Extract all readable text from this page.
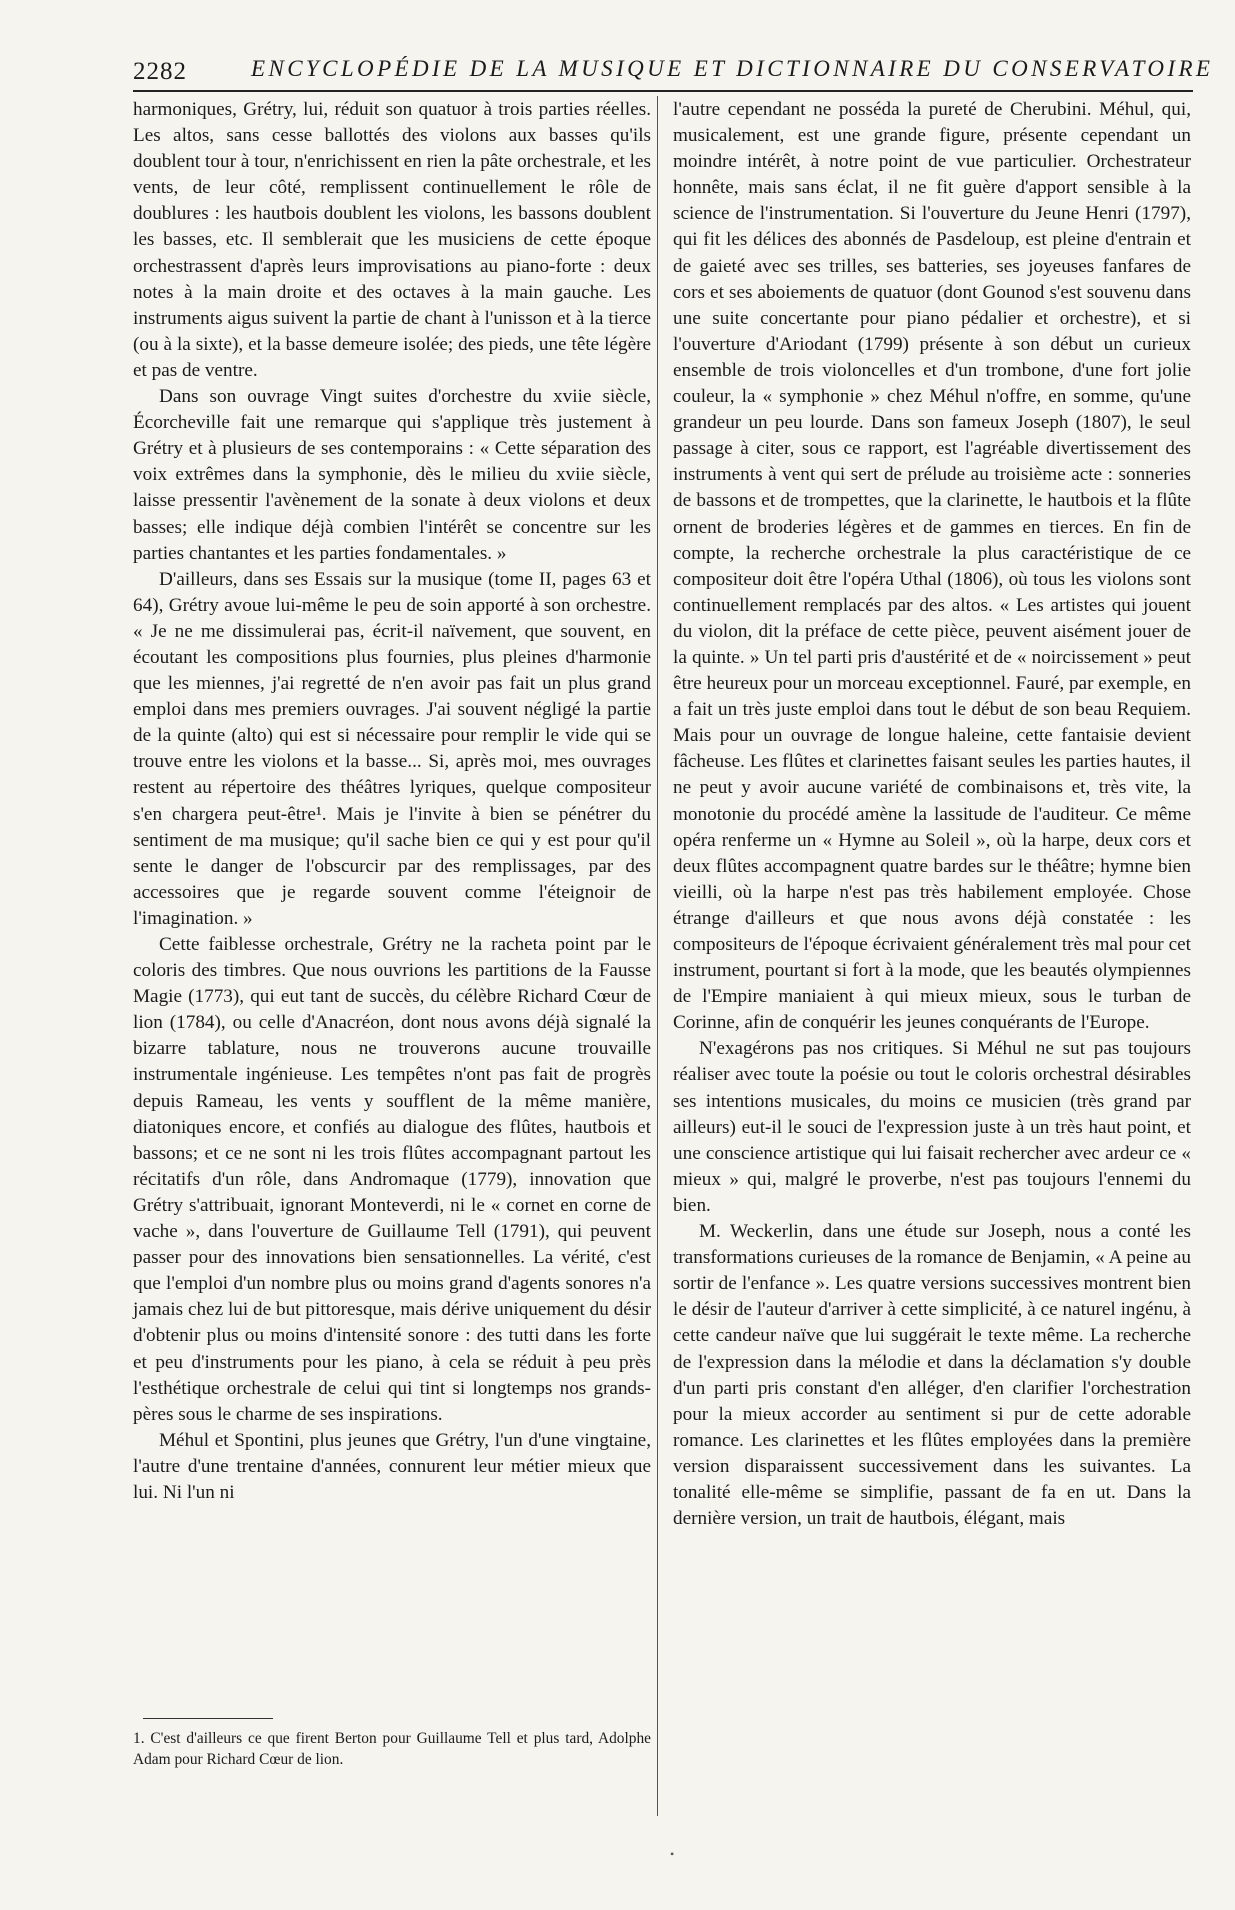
2282	ENCYCLOPÉDIE DE LA MUSIQUE ET DICTIONNAIRE DU CONSERVATOIRE

harmoniques, Grétry, lui, réduit son quatuor à trois parties réelles. Les altos, sans cesse ballottés des violons aux basses qu'ils doublent tour à tour, n'enrichissent en rien la pâte orchestrale, et les vents, de leur côté, remplissent continuellement le rôle de doublures : les hautbois doublent les violons, les bassons doublent les basses, etc. Il semblerait que les musiciens de cette époque orchestrassent d'après leurs improvisations au piano-forte : deux notes à la main droite et des octaves à la main gauche. Les instruments aigus suivent la partie de chant à l'unisson et à la tierce (ou à la sixte), et la basse demeure isolée; des pieds, une tête légère et pas de ventre.

Dans son ouvrage Vingt suites d'orchestre du xviie siècle, Écorcheville fait une remarque qui s'applique très justement à Grétry et à plusieurs de ses contemporains : « Cette séparation des voix extrêmes dans la symphonie, dès le milieu du xviie siècle, laisse pressentir l'avènement de la sonate à deux violons et deux basses; elle indique déjà combien l'intérêt se concentre sur les parties chantantes et les parties fondamentales. »

D'ailleurs, dans ses Essais sur la musique (tome II, pages 63 et 64), Grétry avoue lui-même le peu de soin apporté à son orchestre. « Je ne me dissimulerai pas, écrit-il naïvement, que souvent, en écoutant les compositions plus fournies, plus pleines d'harmonie que les miennes, j'ai regretté de n'en avoir pas fait un plus grand emploi dans mes premiers ouvrages. J'ai souvent négligé la partie de la quinte (alto) qui est si nécessaire pour remplir le vide qui se trouve entre les violons et la basse... Si, après moi, mes ouvrages restent au répertoire des théâtres lyriques, quelque compositeur s'en chargera peut-être¹. Mais je l'invite à bien se pénétrer du sentiment de ma musique; qu'il sache bien ce qui y est pour qu'il sente le danger de l'obscurcir par des remplissages, par des accessoires que je regarde souvent comme l'éteignoir de l'imagination. »

Cette faiblesse orchestrale, Grétry ne la racheta point par le coloris des timbres. Que nous ouvrions les partitions de la Fausse Magie (1773), qui eut tant de succès, du célèbre Richard Cœur de lion (1784), ou celle d'Anacréon, dont nous avons déjà signalé la bizarre tablature, nous ne trouverons aucune trouvaille instrumentale ingénieuse. Les tempêtes n'ont pas fait de progrès depuis Rameau, les vents y soufflent de la même manière, diatoniques encore, et confiés au dialogue des flûtes, hautbois et bassons; et ce ne sont ni les trois flûtes accompagnant partout les récitatifs d'un rôle, dans Andromaque (1779), innovation que Grétry s'attribuait, ignorant Monteverdi, ni le « cornet en corne de vache », dans l'ouverture de Guillaume Tell (1791), qui peuvent passer pour des innovations bien sensationnelles. La vérité, c'est que l'emploi d'un nombre plus ou moins grand d'agents sonores n'a jamais chez lui de but pittoresque, mais dérive uniquement du désir d'obtenir plus ou moins d'intensité sonore : des tutti dans les forte et peu d'instruments pour les piano, à cela se réduit à peu près l'esthétique orchestrale de celui qui tint si longtemps nos grands-pères sous le charme de ses inspirations.

Méhul et Spontini, plus jeunes que Grétry, l'un d'une vingtaine, l'autre d'une trentaine d'années, connurent leur métier mieux que lui. Ni l'un ni

l'autre cependant ne posséda la pureté de Cherubini. Méhul, qui, musicalement, est une grande figure, présente cependant un moindre intérêt, à notre point de vue particulier. Orchestrateur honnête, mais sans éclat, il ne fit guère d'apport sensible à la science de l'instrumentation. Si l'ouverture du Jeune Henri (1797), qui fit les délices des abonnés de Pasdeloup, est pleine d'entrain et de gaieté avec ses trilles, ses batteries, ses joyeuses fanfares de cors et ses aboiements de quatuor (dont Gounod s'est souvenu dans une suite concertante pour piano pédalier et orchestre), et si l'ouverture d'Ariodant (1799) présente à son début un curieux ensemble de trois violoncelles et d'un trombone, d'une fort jolie couleur, la « symphonie » chez Méhul n'offre, en somme, qu'une grandeur un peu lourde. Dans son fameux Joseph (1807), le seul passage à citer, sous ce rapport, est l'agréable divertissement des instruments à vent qui sert de prélude au troisième acte : sonneries de bassons et de trompettes, que la clarinette, le hautbois et la flûte ornent de broderies légères et de gammes en tierces. En fin de compte, la recherche orchestrale la plus caractéristique de ce compositeur doit être l'opéra Uthal (1806), où tous les violons sont continuellement remplacés par des altos. « Les artistes qui jouent du violon, dit la préface de cette pièce, peuvent aisément jouer de la quinte. » Un tel parti pris d'austérité et de « noircissement » peut être heureux pour un morceau exceptionnel. Fauré, par exemple, en a fait un très juste emploi dans tout le début de son beau Requiem. Mais pour un ouvrage de longue haleine, cette fantaisie devient fâcheuse. Les flûtes et clarinettes faisant seules les parties hautes, il ne peut y avoir aucune variété de combinaisons et, très vite, la monotonie du procédé amène la lassitude de l'auditeur. Ce même opéra renferme un « Hymne au Soleil », où la harpe, deux cors et deux flûtes accompagnent quatre bardes sur le théâtre; hymne bien vieilli, où la harpe n'est pas très habilement employée. Chose étrange d'ailleurs et que nous avons déjà constatée : les compositeurs de l'époque écrivaient généralement très mal pour cet instrument, pourtant si fort à la mode, que les beautés olympiennes de l'Empire maniaient à qui mieux mieux, sous le turban de Corinne, afin de conquérir les jeunes conquérants de l'Europe.

N'exagérons pas nos critiques. Si Méhul ne sut pas toujours réaliser avec toute la poésie ou tout le coloris orchestral désirables ses intentions musicales, du moins ce musicien (très grand par ailleurs) eut-il le souci de l'expression juste à un très haut point, et une conscience artistique qui lui faisait rechercher avec ardeur ce « mieux » qui, malgré le proverbe, n'est pas toujours l'ennemi du bien.

M. Weckerlin, dans une étude sur Joseph, nous a conté les transformations curieuses de la romance de Benjamin, « A peine au sortir de l'enfance ». Les quatre versions successives montrent bien le désir de l'auteur d'arriver à cette simplicité, à ce naturel ingénu, à cette candeur naïve que lui suggérait le texte même. La recherche de l'expression dans la mélodie et dans la déclamation s'y double d'un parti pris constant d'en alléger, d'en clarifier l'orchestration pour la mieux accorder au sentiment si pur de cette adorable romance. Les clarinettes et les flûtes employées dans la première version disparaissent successivement dans les suivantes. La tonalité elle-même se simplifie, passant de fa en ut. Dans la dernière version, un trait de hautbois, élégant, mais

1. C'est d'ailleurs ce que firent Berton pour Guillaume Tell et plus tard, Adolphe Adam pour Richard Cœur de lion.
•
